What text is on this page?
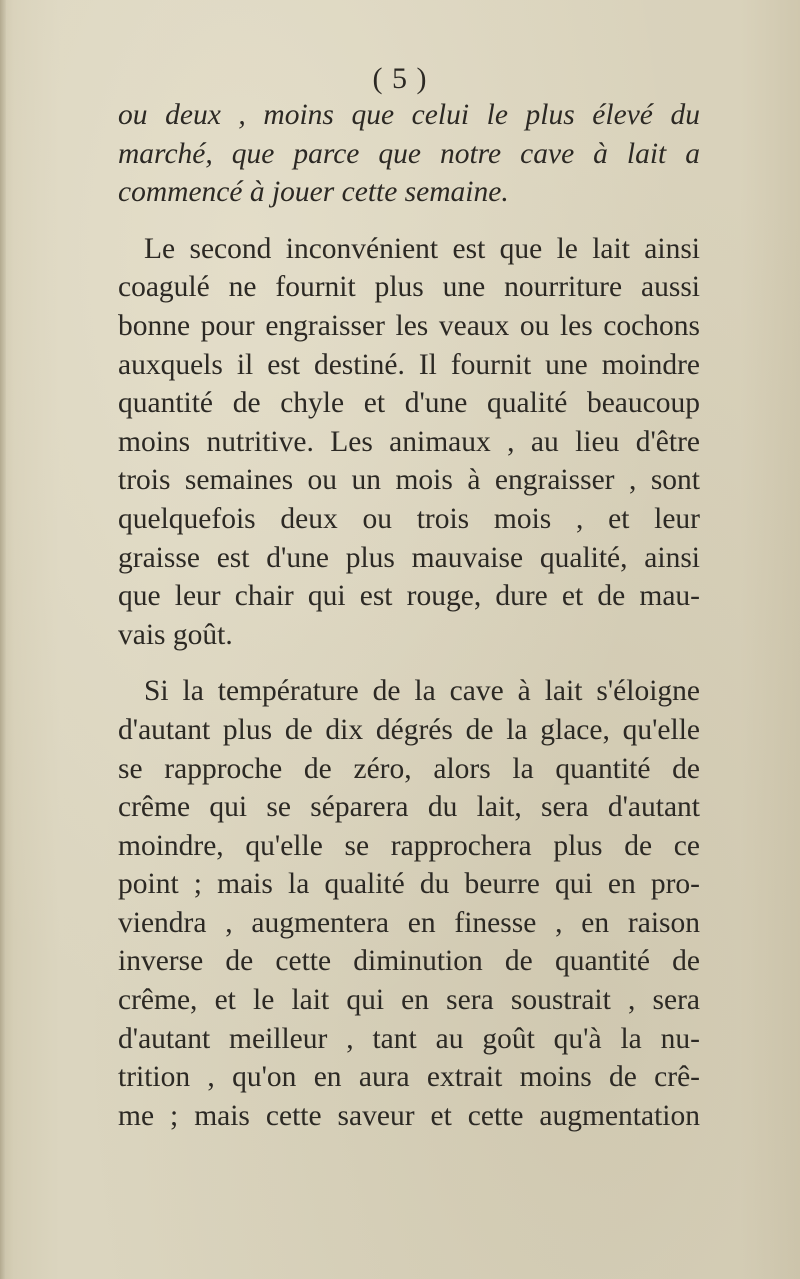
( 5 )
ou deux , moins que celui le plus élevé du
marché, que parce que notre cave à lait a
commencé à jouer cette semaine.
Le second inconvénient est que le lait ainsi
coagulé ne fournit plus une nourriture aussi
bonne pour engraisser les veaux ou les cochons
auxquels il est destiné. Il fournit une moindre
quantité de chyle et d'une qualité beaucoup
moins nutritive. Les animaux , au lieu d'être
trois semaines ou un mois à engraisser , sont
quelquefois deux ou trois mois , et leur
graisse est d'une plus mauvaise qualité, ainsi
que leur chair qui est rouge, dure et de mau-
vais goût.
Si la température de la cave à lait s'éloigne
d'autant plus de dix dégrés de la glace, qu'elle
se rapproche de zéro, alors la quantité de
crême qui se séparera du lait, sera d'autant
moindre, qu'elle se rapprochera plus de ce
point ; mais la qualité du beurre qui en pro-
viendra , augmentera en finesse , en raison
inverse de cette diminution de quantité de
crême, et le lait qui en sera soustrait , sera
d'autant meilleur , tant au goût qu'à la nu-
trition , qu'on en aura extrait moins de crê-
me ; mais cette saveur et cette augmentation
